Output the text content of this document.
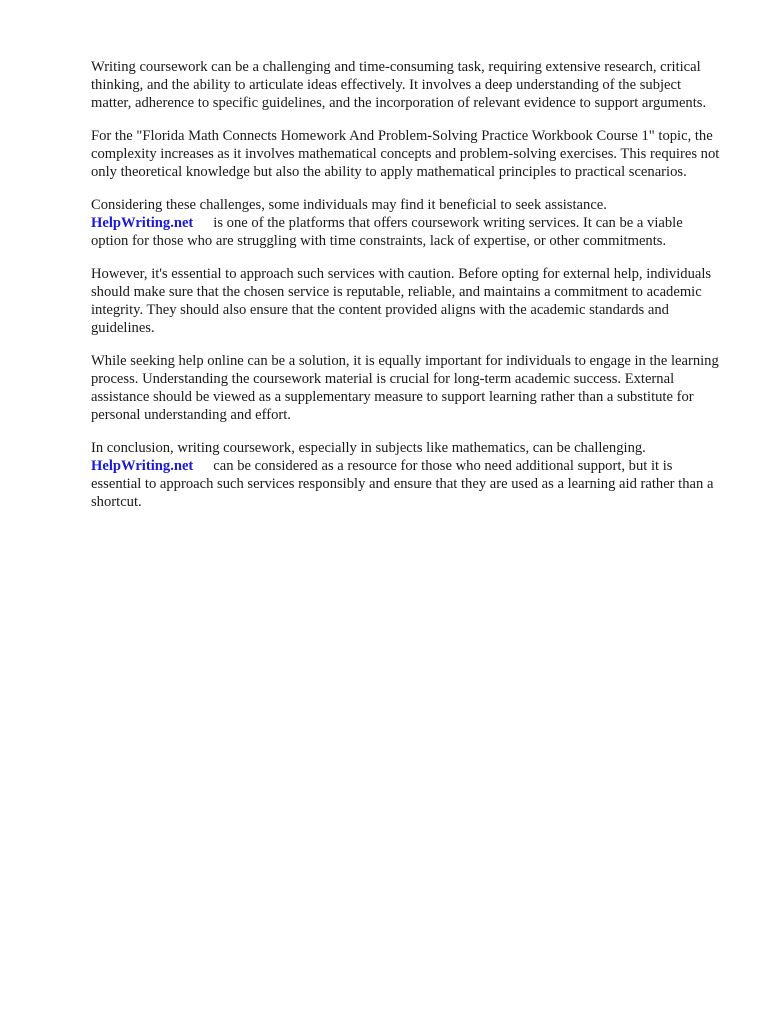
Writing coursework can be a challenging and time-consuming task, requiring extensive research, critical thinking, and the ability to articulate ideas effectively. It involves a deep understanding of the subject matter, adherence to specific guidelines, and the incorporation of relevant evidence to support arguments.

For the "Florida Math Connects Homework And Problem-Solving Practice Workbook Course 1" topic, the complexity increases as it involves mathematical concepts and problem-solving exercises. This requires not only theoretical knowledge but also the ability to apply mathematical principles to practical scenarios.

Considering these challenges, some individuals may find it beneficial to seek assistance.
HelpWriting.net is one of the platforms that offers coursework writing services. It can be a viable option for those who are struggling with time constraints, lack of expertise, or other commitments.

However, it's essential to approach such services with caution. Before opting for external help, individuals should make sure that the chosen service is reputable, reliable, and maintains a commitment to academic integrity. They should also ensure that the content provided aligns with the academic standards and guidelines.

While seeking help online can be a solution, it is equally important for individuals to engage in the learning process. Understanding the coursework material is crucial for long-term academic success. External assistance should be viewed as a supplementary measure to support learning rather than a substitute for personal understanding and effort.

In conclusion, writing coursework, especially in subjects like mathematics, can be challenging.
HelpWriting.net can be considered as a resource for those who need additional support, but it is essential to approach such services responsibly and ensure that they are used as a learning aid rather than a shortcut.
